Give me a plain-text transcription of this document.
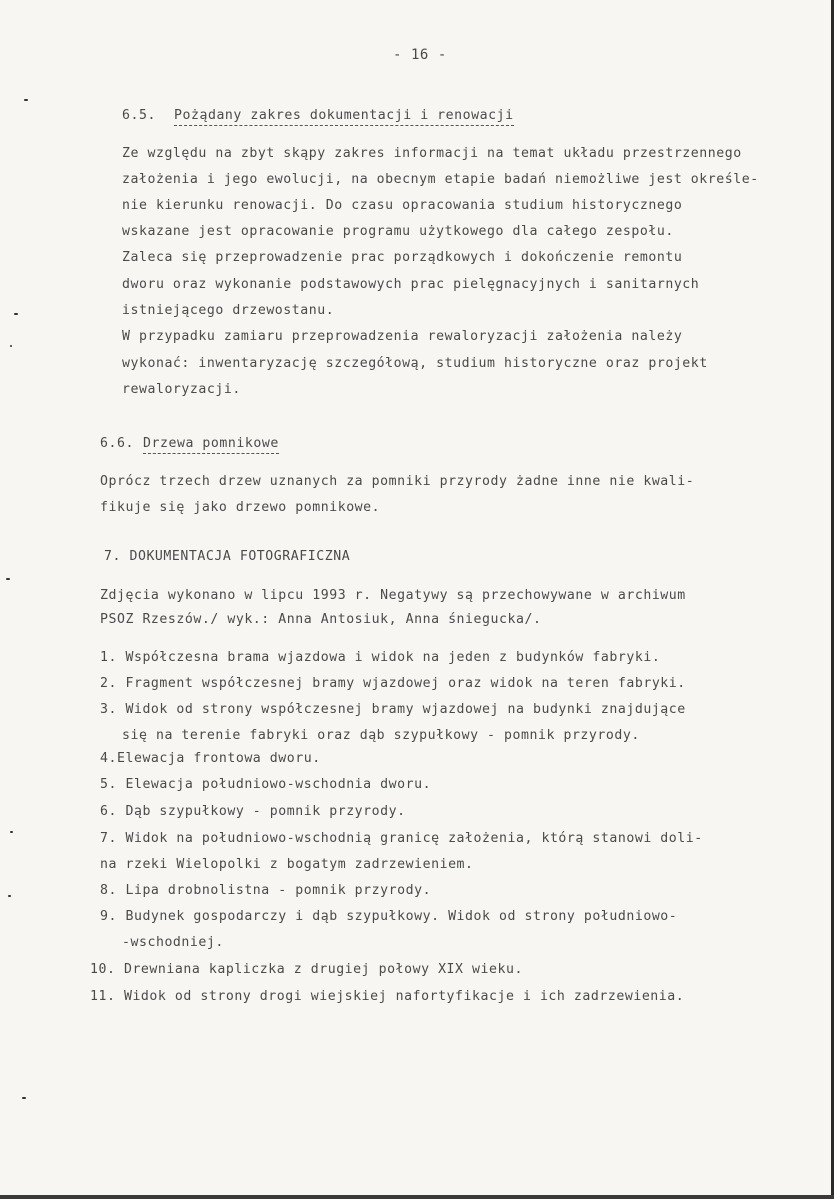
- 16 -
6.5. Pożądany zakres dokumentacji i renowacji
Ze względu na zbyt skąpy zakres informacji na temat układu przestrzennego
założenia i jego ewolucji, na obecnym etapie badań niemożliwe jest określe-
nie kierunku renowacji. Do czasu opracowania studium historycznego
wskazane jest opracowanie programu użytkowego dla całego zespołu.
Zaleca się przeprowadzenie prac porządkowych i dokończenie remontu
dworu oraz wykonanie podstawowych prac pielęgnacyjnych i sanitarnych
istniejącego drzewostanu.
W przypadku zamiaru przeprowadzenia rewaloryzacji założenia należy
wykonać: inwentaryzację szczegółową, studium historyczne oraz projekt
rewaloryzacji.
6.6. Drzewa pomnikowe
Oprócz trzech drzew uznanych za pomniki przyrody żadne inne nie kwali-
fikuje się jako drzewo pomnikowe.
7. DOKUMENTACJA FOTOGRAFICZNA
Zdjęcia wykonano w lipcu 1993 r. Negatywy są przechowywane w archiwum
PSOZ Rzeszów./ wyk.: Anna Antosiuk, Anna śniegucka/.
1. Współczesna brama wjazdowa i widok na jeden z budynków fabryki.
2. Fragment współczesnej bramy wjazdowej oraz widok na teren fabryki.
3. Widok od strony współczesnej bramy wjazdowej na budynki znajdujące
się na terenie fabryki oraz dąb szypułkowy - pomnik przyrody.
4.Elewacja frontowa dworu.
5. Elewacja południowo-wschodnia dworu.
6. Dąb szypułkowy - pomnik przyrody.
7. Widok na południowo-wschodnią granicę założenia, którą stanowi doli-
na rzeki Wielopolki z bogatym zadrzewieniem.
8. Lipa drobnolistna - pomnik przyrody.
9. Budynek gospodarczy i dąb szypułkowy. Widok od strony południowo-
-wschodniej.
10. Drewniana kapliczka z drugiej połowy XIX wieku.
11. Widok od strony drogi wiejskiej nafortyfikacje i ich zadrzewienia.
